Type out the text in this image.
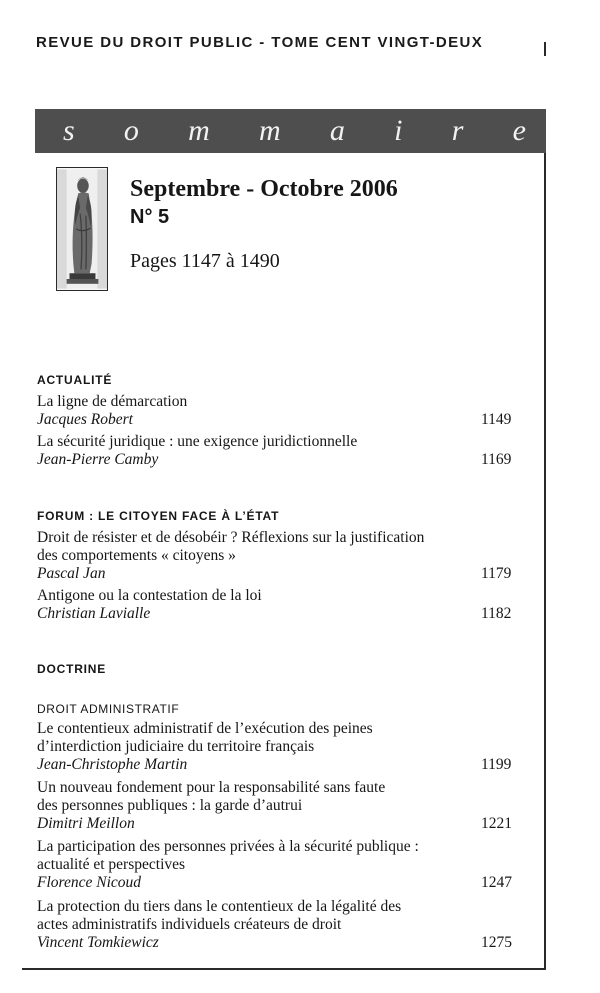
REVUE DU DROIT PUBLIC - TOME CENT VINGT-DEUX
s o m m a i r e
Septembre - Octobre 2006
N° 5
Pages 1147 à 1490
ACTUALITÉ
La ligne de démarcation
Jacques Robert	1149
La sécurité juridique : une exigence juridictionnelle
Jean-Pierre Camby	1169
FORUM : LE CITOYEN FACE À L’ÉTAT
Droit de résister et de désobéir ? Réflexions sur la justification
des comportements « citoyens »
Pascal Jan	1179
Antigone ou la contestation de la loi
Christian Lavialle	1182
DOCTRINE
DROIT ADMINISTRATIF
Le contentieux administratif de l’exécution des peines
d’interdiction judiciaire du territoire français
Jean-Christophe Martin	1199
Un nouveau fondement pour la responsabilité sans faute
des personnes publiques : la garde d’autrui
Dimitri Meillon	1221
La participation des personnes privées à la sécurité publique :
actualité et perspectives
Florence Nicoud	1247
La protection du tiers dans le contentieux de la légalité des
actes administratifs individuels créateurs de droit
Vincent Tomkiewicz	1275
